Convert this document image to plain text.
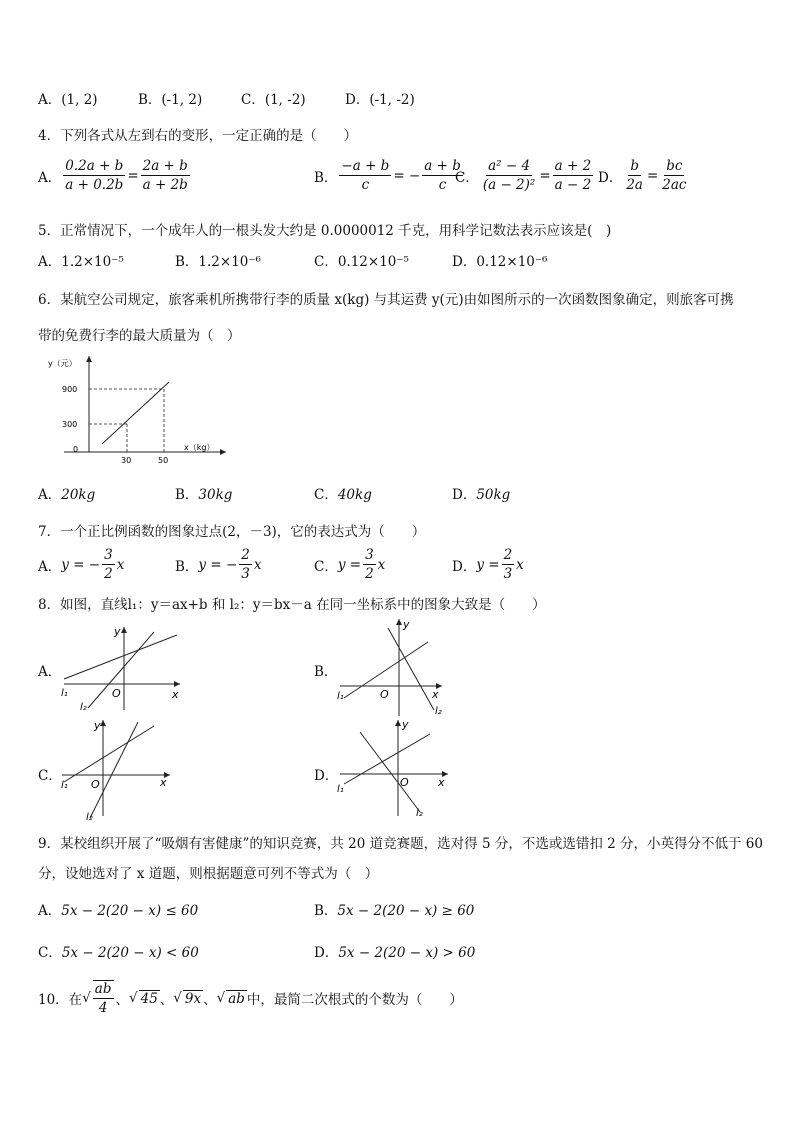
A．(1, 2)	B．(-1, 2)	C．(1, -2)	D．(-1, -2)
4．下列各式从左到右的变形，一定正确的是（　　）
A． $\frac{0.2a + b}{a + 0.2b} = \frac{2a + b}{a + 2b}$	B． $\frac{-a + b}{c}$ = − $\frac{a + b}{c}$
C． $\frac{\text{a² − 4}}{\text{(a − 2)²}} = \frac{a + 2}{a - 2}$ D． $\frac{b}{2a} = \frac{bc}{2ac}$
5．正常情况下，一个成年人的一根头发大约是 0.0000012 千克，用科学记数法表示应该是(　)
A．1.2×10⁻⁵	B．1.2×10⁻⁶	C．0.12×10⁻⁵	D．0.12×10⁻⁶
6．某航空公司规定，旅客乘机所携带行李的质量 x(kg) 与其运费 y(元)由如图所示的一次函数图象确定，则旅客可携
带的免费行李的最大质量为（　）
y（元）
x（kg）
0
900
300
30	50
A．20kg	B．30kg	C．40kg	D．50kg
7．一个正比例函数的图象过点(2，－3)，它的表达式为（　　）
A． y = − $\frac{3}{2}$ x	B． y = − $\frac{2}{3}$ x	C． $y = \frac{3}{2}$ x	D． $y = \frac{2}{3}$ x
8．如图，直线l₁：y＝ax+b 和 l₂：y＝bx－a 在同一坐标系中的图象大致是（　　）
A．
y
x
O
l₁
l₂
B．
y
x
O
l₁
l₂
C．
y
x
O
l₁
l₂
D．
y
x
O
l₁
l₂
9．某校组织开展了“吸烟有害健康”的知识竞赛，共 20 道竞赛题，选对得 5 分，不选或选错扣 2 分，小英得分不低于 60
分，设她选对了 x 道题，则根据题意可列不等式为（　）
A．5x − 2(20 − x) ≤ 60	B．5x − 2(20 − x) ≥ 60
C．5x − 2(20 − x) < 60	D．5x − 2(20 − x) > 60
10．在 √ $\frac{ab}{4}$ 、 √ 45 、 √ 9x 、 √ ab 中，最简二次根式的个数为（　　）
